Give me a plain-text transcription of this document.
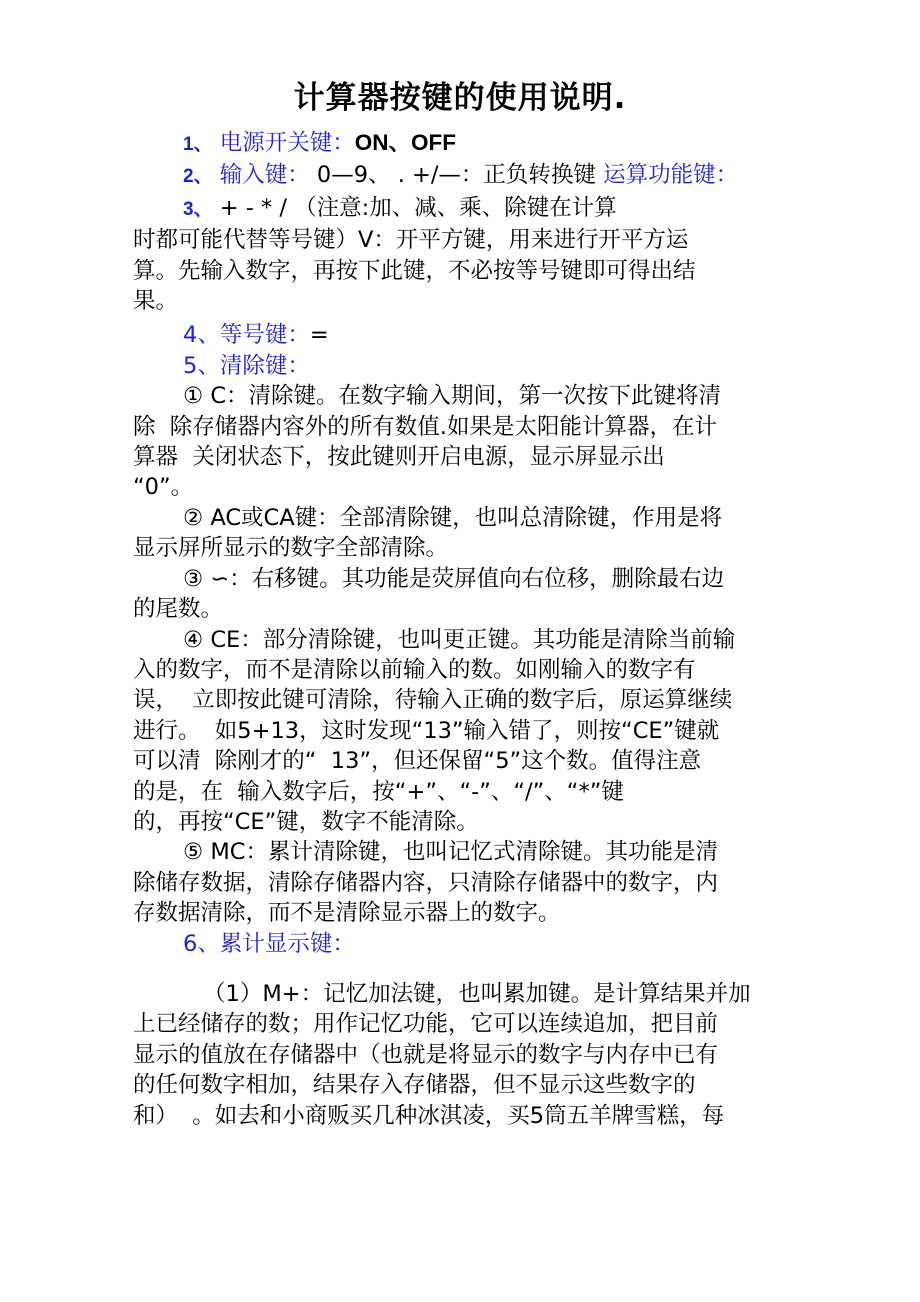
计算器按键的使用说明.
1、 电源开关键：ON、OFF
2、 输入键： 0—9、 . +/—：正负转换键 运算功能键：
3、 + - * / （注意:加、减、乘、除键在计算
时都可能代替等号键）V：开平方键，用来进行开平方运
算。先输入数字，再按下此键，不必按等号键即可得出结
果。
4、等号键：=
5、清除键：
① C：清除键。在数字输入期间，第一次按下此键将清
除  除存储器内容外的所有数值.如果是太阳能计算器，在计
算器  关闭状态下，按此键则开启电源，显示屏显示出
“0”。
② AC或CA键：全部清除键，也叫总清除键，作用是将
显示屏所显示的数字全部清除。
③ ∽：右移键。其功能是荧屏值向右位移，删除最右边
的尾数。
④ CE：部分清除键，也叫更正键。其功能是清除当前输
入的数字，而不是清除以前输入的数。如刚输入的数字有
误，  立即按此键可清除，待输入正确的数字后，原运算继续
进行。  如5+13，这时发现“13”输入错了，则按“CE”键就
可以清  除刚才的“  13”，但还保留“5”这个数。值得注意
的是，在  输入数字后，按“+”、“-”、“/”、“*”键
的，再按“CE”键，数字不能清除。
⑤ MC：累计清除键，也叫记忆式清除键。其功能是清
除储存数据，清除存储器内容，只清除存储器中的数字，内
存数据清除，而不是清除显示器上的数字。
6、累计显示键：
（1）M+：记忆加法键，也叫累加键。是计算结果并加
上已经储存的数；用作记忆功能，它可以连续追加，把目前
显示的值放在存储器中（也就是将显示的数字与内存中已有
的任何数字相加，结果存入存储器，但不显示这些数字的
和）  。如去和小商贩买几种冰淇凌，买5筒五羊牌雪糕，每
